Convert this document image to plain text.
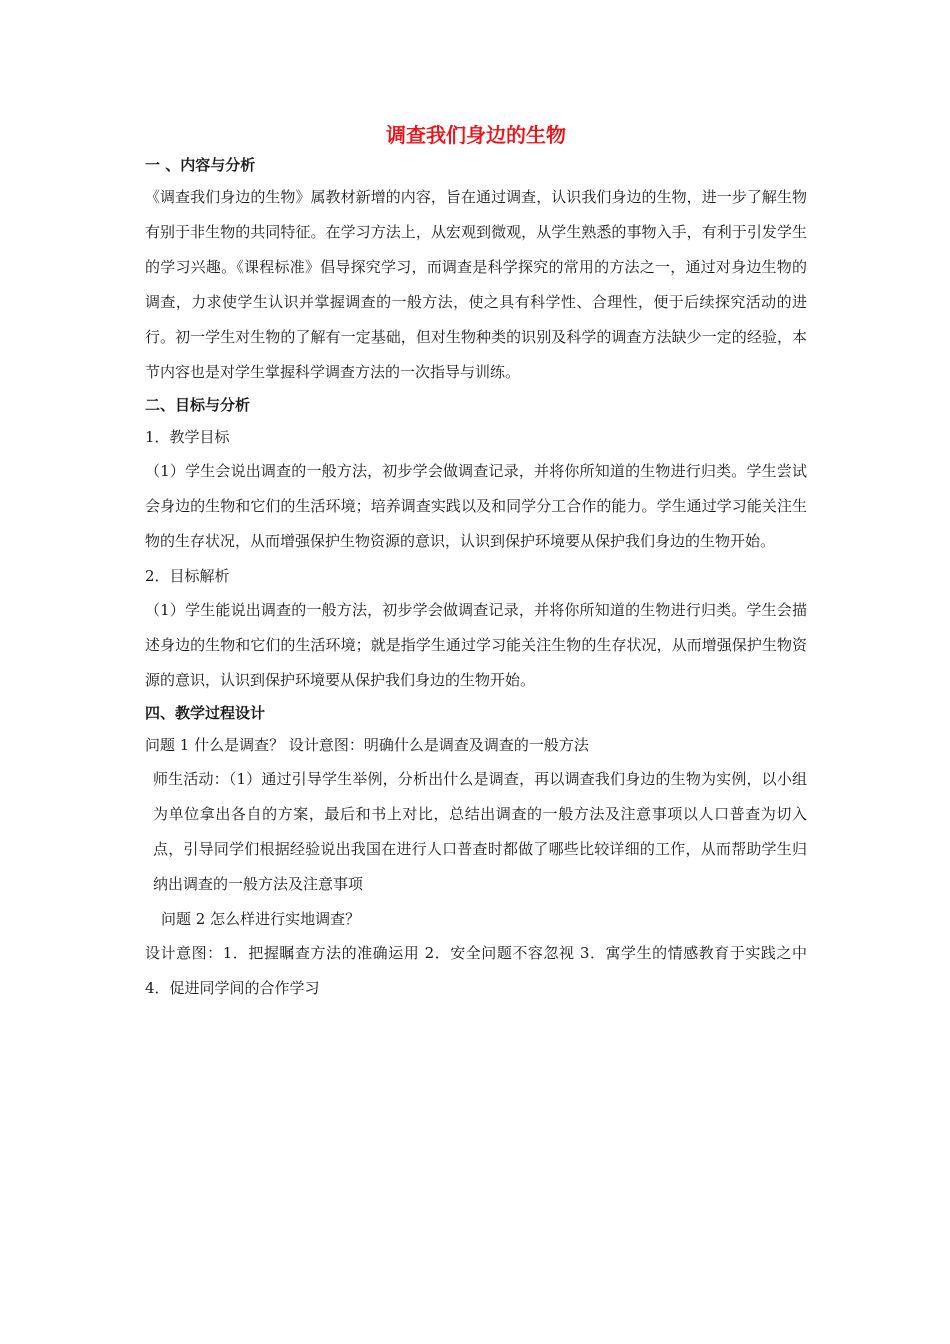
调查我们身边的生物

一 、内容与分析

《调查我们身边的生物》属教材新增的内容，旨在通过调查，认识我们身边的生物，进一步了解生物有别于非生物的共同特征。在学习方法上，从宏观到微观，从学生熟悉的事物入手，有利于引发学生的学习兴趣。《课程标准》倡导探究学习，而调查是科学探究的常用的方法之一，通过对身边生物的调查，力求使学生认识并掌握调查的一般方法，使之具有科学性、合理性，便于后续探究活动的进行。初一学生对生物的了解有一定基础，但对生物种类的识别及科学的调查方法缺少一定的经验，本节内容也是对学生掌握科学调查方法的一次指导与训练。

二、目标与分析

1．教学目标

（1）学生会说出调查的一般方法，初步学会做调查记录，并将你所知道的生物进行归类。学生尝试会身边的生物和它们的生活环境；培养调查实践以及和同学分工合作的能力。学生通过学习能关注生物的生存状况，从而增强保护生物资源的意识，认识到保护环境要从保护我们身边的生物开始。

2．目标解析

（1）学生能说出调查的一般方法，初步学会做调查记录，并将你所知道的生物进行归类。学生会描述身边的生物和它们的生活环境；就是指学生通过学习能关注生物的生存状况，从而增强保护生物资源的意识，认识到保护环境要从保护我们身边的生物开始。

四、教学过程设计

问题 1 什么是调查？ 设计意图：明确什么是调查及调查的一般方法

师生活动：（1）通过引导学生举例，分析出什么是调查，再以调查我们身边的生物为实例，以小组为单位拿出各自的方案，最后和书上对比，总结出调查的一般方法及注意事项以人口普查为切入点，引导同学们根据经验说出我国在进行人口普查时都做了哪些比较详细的工作，从而帮助学生归纳出调查的一般方法及注意事项

问题 2 怎么样进行实地调查？

设计意图：1．把握瞩查方法的准确运用 2．安全问题不容忽视 3．寓学生的情感教育于实践之中 4．促进同学间的合作学习
